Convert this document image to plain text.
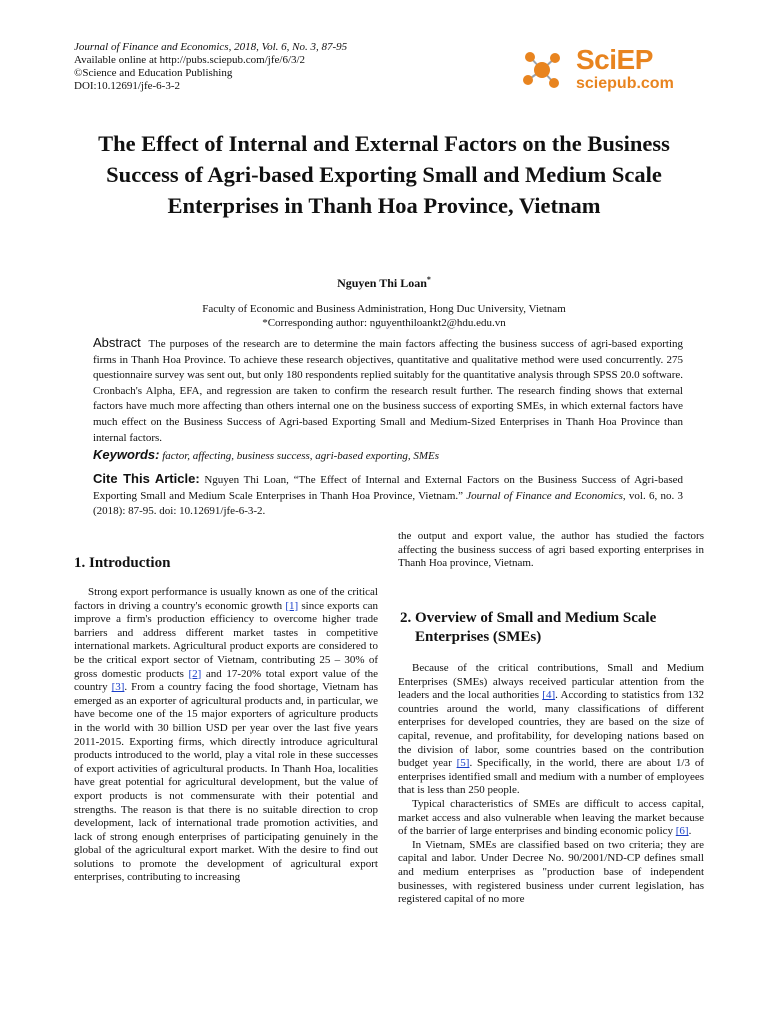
Journal of Finance and Economics, 2018, Vol. 6, No. 3, 87-95
Available online at http://pubs.sciepub.com/jfe/6/3/2
©Science and Education Publishing
DOI:10.12691/jfe-6-3-2
SciEP
sciepub.com
The Effect of Internal and External Factors on the Business Success of Agri-based Exporting Small and Medium Scale Enterprises in Thanh Hoa Province, Vietnam
Nguyen Thi Loan*
Faculty of Economic and Business Administration, Hong Duc University, Vietnam
*Corresponding author: nguyenthiloankt2@hdu.edu.vn
Abstract The purposes of the research are to determine the main factors affecting the business success of agri-based exporting firms in Thanh Hoa Province. To achieve these research objectives, quantitative and qualitative method were used concurrently. 275 questionnaire survey was sent out, but only 180 respondents replied suitably for the quantitative analysis through SPSS 20.0 software. Cronbach's Alpha, EFA, and regression are taken to confirm the research result further. The research finding shows that external factors have much more affecting than others internal one on the business success of exporting SMEs, in which external factors have much effect on the Business Success of Agri-based Exporting Small and Medium-Sized Enterprises in Thanh Hoa Province than internal factors.
Keywords: factor, affecting, business success, agri-based exporting, SMEs
Cite This Article: Nguyen Thi Loan, “The Effect of Internal and External Factors on the Business Success of Agri-based Exporting Small and Medium Scale Enterprises in Thanh Hoa Province, Vietnam.” Journal of Finance and Economics, vol. 6, no. 3 (2018): 87-95. doi: 10.12691/jfe-6-3-2.
1. Introduction

Strong export performance is usually known as one of the critical factors in driving a country's economic growth [1] since exports can improve a firm's production efficiency to overcome higher trade barriers and address different market tastes in competitive international markets. Agricultural product exports are considered to be the critical export sector of Vietnam, contributing 25 – 30% of gross domestic products [2] and 17-20% total export value of the country [3]. From a country facing the food shortage, Vietnam has emerged as an exporter of agricultural products and, in particular, we have become one of the 15 major exporters of agriculture products in the world with 30 billion USD per year over the last five years 2011-2015. Exporting firms, which directly introduce agricultural products introduced to the world, play a vital role in these successes of export activities of agricultural products. In Thanh Hoa, localities have great potential for agricultural development, but the value of export products is not commensurate with their potential and strengths. The reason is that there is no suitable direction to crop development, lack of international trade promotion activities, and lack of strong enough enterprises of participating genuinely in the global of the agricultural export market. With the desire to find out solutions to promote the development of agricultural export enterprises, contributing to increasing

the output and export value, the author has studied the factors affecting the business success of agri based exporting enterprises in Thanh Hoa province, Vietnam.

2. Overview of Small and Medium Scale
Enterprises (SMEs)

Because of the critical contributions, Small and Medium Enterprises (SMEs) always received particular attention from the leaders and the local authorities [4]. According to statistics from 132 countries around the world, many classifications of different enterprises for developed countries, they are based on the size of capital, revenue, and profitability, for developing nations based on the division of labor, some countries based on the contribution budget year [5]. Specifically, in the world, there are about 1/3 of enterprises identified small and medium with a number of employees that is less than 250 people.

Typical characteristics of SMEs are difficult to access capital, market access and also vulnerable when leaving the market because of the barrier of large enterprises and binding economic policy [6].

In Vietnam, SMEs are classified based on two criteria; they are capital and labor. Under Decree No. 90/2001/ND-CP defines small and medium enterprises as "production base of independent businesses, with registered business under current legislation, has registered capital of no more
